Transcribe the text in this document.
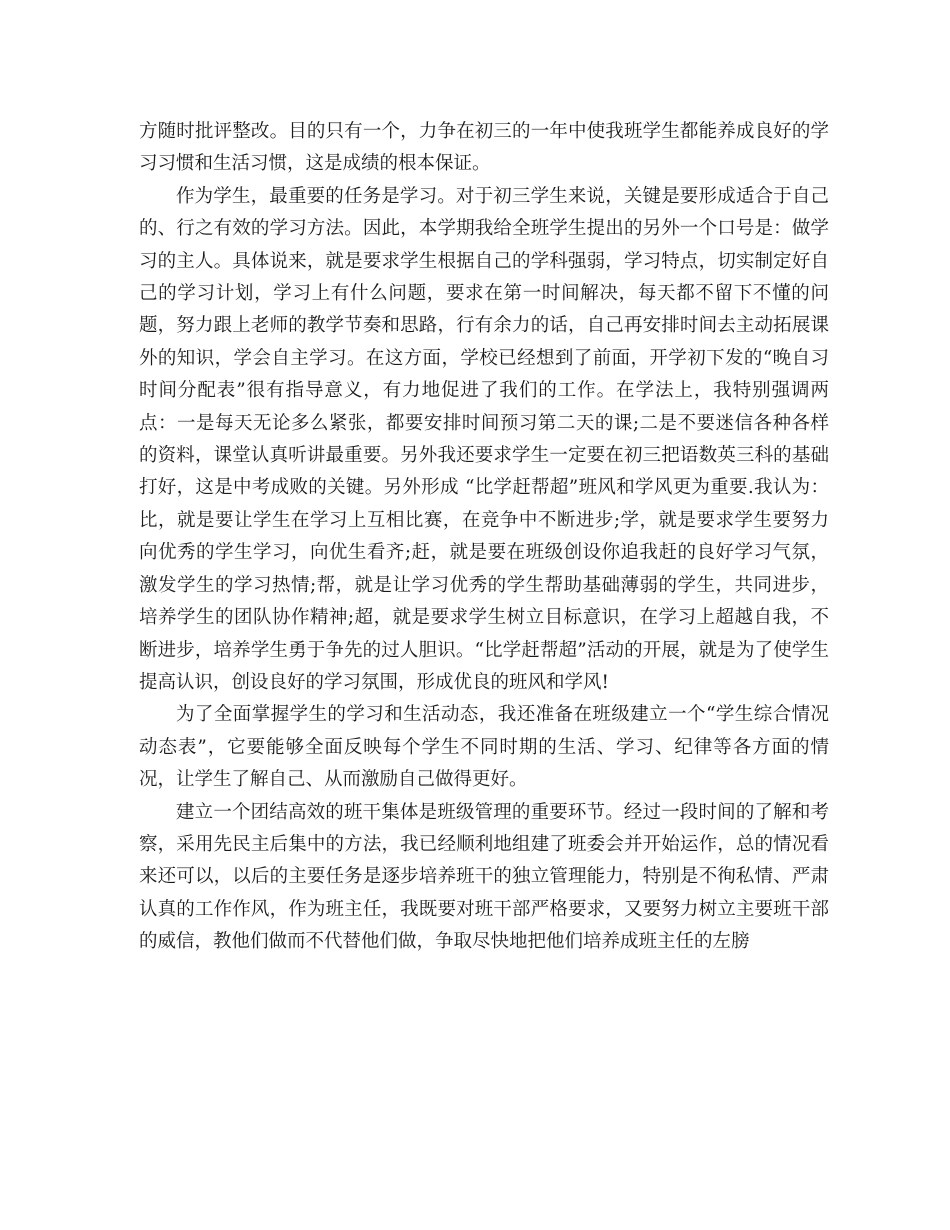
方随时批评整改。目的只有一个，力争在初三的一年中使我班学生都能养成良好的学习习惯和生活习惯，这是成绩的根本保证。

作为学生，最重要的任务是学习。对于初三学生来说，关键是要形成适合于自己的、行之有效的学习方法。因此，本学期我给全班学生提出的另外一个口号是：做学习的主人。具体说来，就是要求学生根据自己的学科强弱，学习特点，切实制定好自己的学习计划，学习上有什么问题，要求在第一时间解决，每天都不留下不懂的问题，努力跟上老师的教学节奏和思路，行有余力的话，自己再安排时间去主动拓展课外的知识，学会自主学习。在这方面，学校已经想到了前面，开学初下发的“晚自习时间分配表”很有指导意义，有力地促进了我们的工作。在学法上，我特别强调两点：一是每天无论多么紧张，都要安排时间预习第二天的课;二是不要迷信各种各样的资料，课堂认真听讲最重要。另外我还要求学生一定要在初三把语数英三科的基础打好，这是中考成败的关键。另外形成 “比学赶帮超”班风和学风更为重要.我认为：比，就是要让学生在学习上互相比赛，在竞争中不断进步;学，就是要求学生要努力向优秀的学生学习，向优生看齐;赶，就是要在班级创设你追我赶的良好学习气氛，激发学生的学习热情;帮，就是让学习优秀的学生帮助基础薄弱的学生，共同进步，培养学生的团队协作精神;超，就是要求学生树立目标意识，在学习上超越自我，不断进步，培养学生勇于争先的过人胆识。“比学赶帮超”活动的开展，就是为了使学生提高认识，创设良好的学习氛围，形成优良的班风和学风!

为了全面掌握学生的学习和生活动态，我还准备在班级建立一个“学生综合情况动态表”，它要能够全面反映每个学生不同时期的生活、学习、纪律等各方面的情况，让学生了解自己、从而激励自己做得更好。

建立一个团结高效的班干集体是班级管理的重要环节。经过一段时间的了解和考察，采用先民主后集中的方法，我已经顺利地组建了班委会并开始运作，总的情况看来还可以，以后的主要任务是逐步培养班干的独立管理能力，特别是不徇私情、严肃认真的工作作风，作为班主任，我既要对班干部严格要求，又要努力树立主要班干部的威信，教他们做而不代替他们做，争取尽快地把他们培养成班主任的左膀
